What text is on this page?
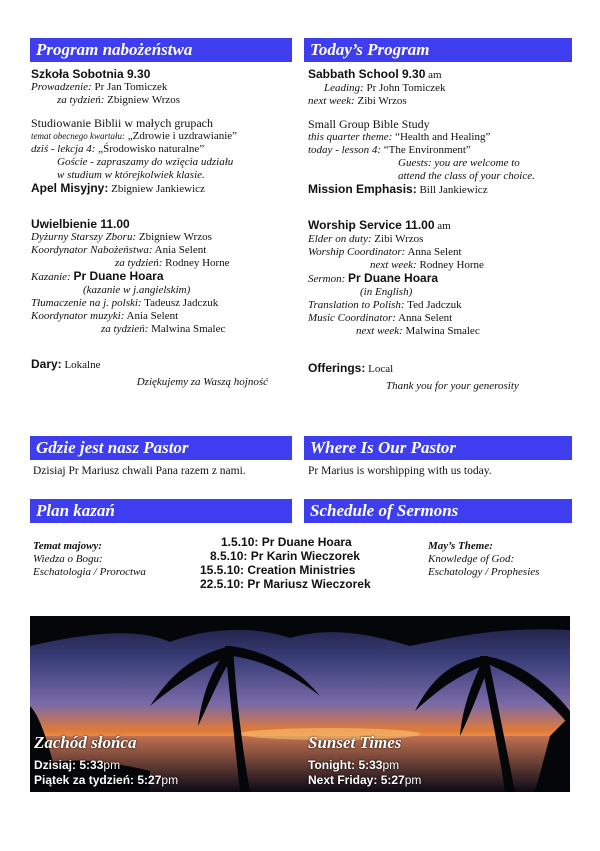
Program nabożeństwa
Szkoła Sobotnia 9.30
Prowadzenie: Pr Jan Tomiczek
za tydzień: Zbigniew Wrzos
Studiowanie Biblii w małych grupach
temat obecnego kwartału: „Zdrowie i uzdrawianie”
dziś - lekcja 4: „Środowisko naturalne”
Goście - zapraszamy do wzięcia udziału
w studium w którejkolwiek klasie.
Apel Misyjny: Zbigniew Jankiewicz
Uwielbienie 11.00
Dyżurny Starszy Zboru: Zbigniew Wrzos
Koordynator Nabożeństwa: Ania Selent
za tydzień: Rodney Horne
Kazanie: Pr Duane Hoara
(kazanie w j.angielskim)
Tłumaczenie na j. polski: Tadeusz Jadczuk
Koordynator muzyki: Ania Selent
za tydzień: Malwina Smalec
Dary: Lokalne
Dziękujemy za Waszą hojność
Today’s Program
Sabbath School 9.30 am
Leading: Pr John Tomiczek
next week: Zibi Wrzos
Small Group Bible Study
this quarter theme: “Health and Healing”
today - lesson 4: “The Environment”
Guests: you are welcome to
attend the class of your choice.
Mission Emphasis: Bill Jankiewicz
Worship Service 11.00 am
Elder on duty: Zibi Wrzos
Worship Coordinator: Anna Selent
next week: Rodney Horne
Sermon: Pr Duane Hoara
(in English)
Translation to Polish: Ted Jadczuk
Music Coordinator: Anna Selent
next week: Malwina Smalec
Offerings: Local
Thank you for your generosity
Gdzie jest nasz Pastor
Dzisiaj Pr Mariusz chwali Pana razem z nami.
Where Is Our Pastor
Pr Marius is worshipping with us today.
Plan kazań	Schedule of Sermons
Temat majowy:
Wiedza o Bogu:
Eschatologia / Proroctwa
1.5.10: Pr Duane Hoara
8.5.10: Pr Karin Wieczorek
15.5.10: Creation Ministries
22.5.10: Pr Mariusz Wieczorek
May’s Theme:
Knowledge of God:
Eschatology / Prophesies
Zachód słońca
Dzisiaj: 5:33pm
Piątek za tydzień: 5:27pm
Sunset Times
Tonight: 5:33pm
Next Friday: 5:27pm
